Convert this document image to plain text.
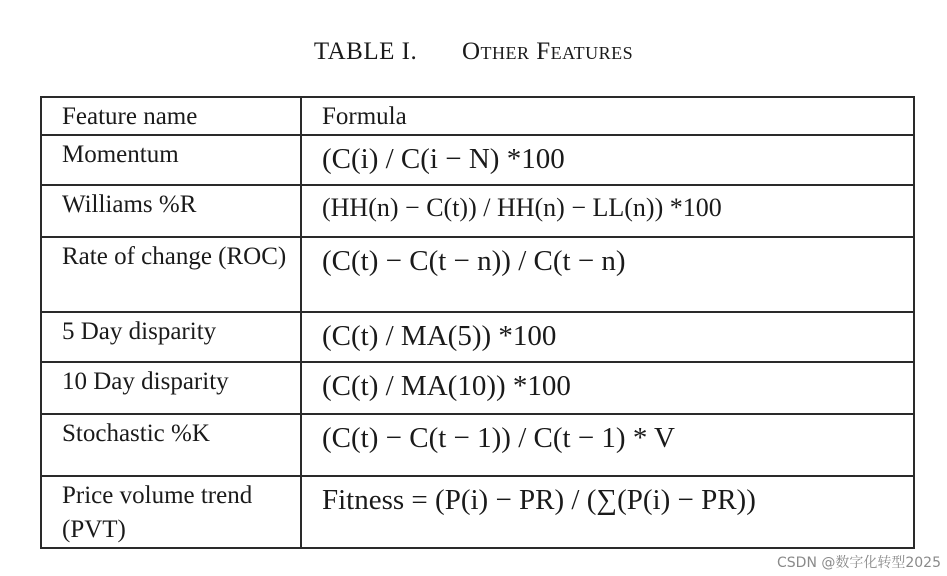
TABLE I. Other Features
Feature name	Formula
Momentum	(C(i) / C(i − N) *100
Williams %R	(HH(n) − C(t)) / HH(n) − LL(n)) *100
Rate of change (ROC)	(C(t) − C(t − n)) / C(t − n)
5 Day disparity	(C(t) / MA(5)) *100
10 Day disparity	(C(t) / MA(10)) *100
Stochastic %K	(C(t) − C(t − 1)) / C(t − 1) * V
Price volume trend (PVT)	Fitness = (P(i) − PR) / (∑(P(i) − PR))
CSDN @数字化转型2025
